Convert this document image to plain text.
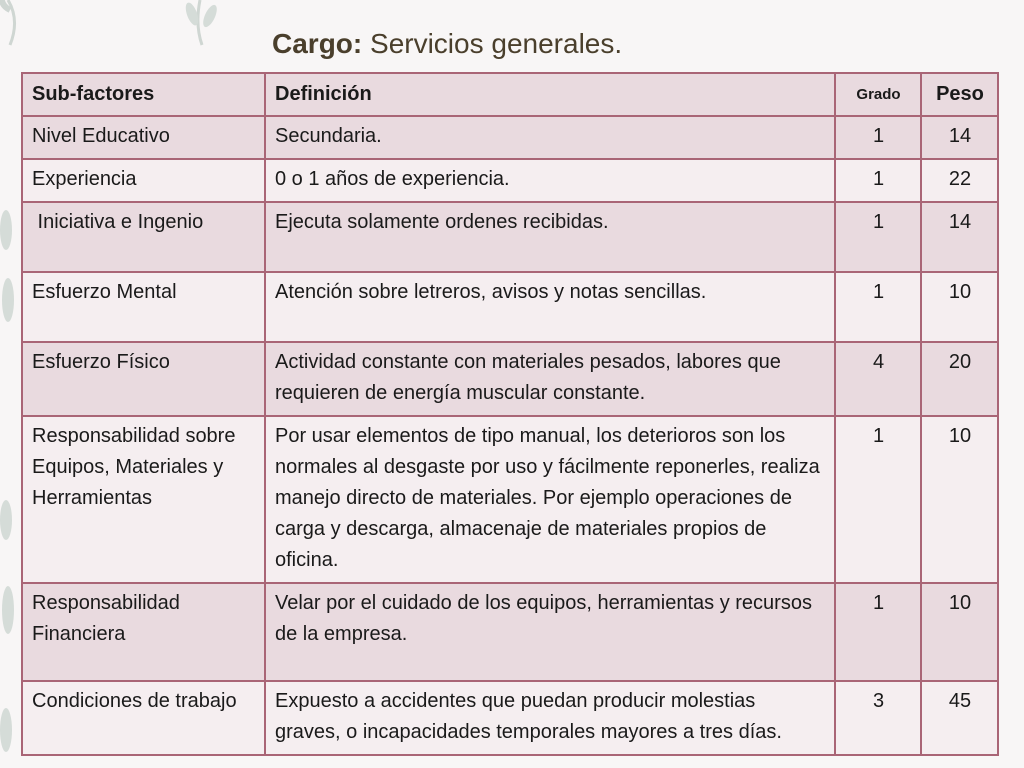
Cargo: Servicios generales.
Sub-factores	Definición	Grado	Peso
Nivel Educativo	Secundaria.	1	14
Experiencia	0 o 1 años de experiencia.	1	22
Iniciativa e Ingenio	Ejecuta solamente ordenes recibidas.	1	14
Esfuerzo Mental	Atención sobre letreros, avisos y notas sencillas.	1	10
Esfuerzo Físico	Actividad constante con materiales pesados, labores que requieren de energía muscular constante.	4	20
Responsabilidad sobre Equipos, Materiales y Herramientas	Por usar elementos de tipo manual, los deterioros son los normales al desgaste por uso y fácilmente reponerles, realiza manejo directo de materiales. Por ejemplo operaciones de carga y descarga, almacenaje de materiales propios de oficina.	1	10
Responsabilidad Financiera	Velar por el cuidado de los equipos, herramientas y recursos de la empresa.	1	10
Condiciones de trabajo	Expuesto a accidentes que puedan producir molestias graves, o incapacidades temporales mayores a tres días.	3	45
